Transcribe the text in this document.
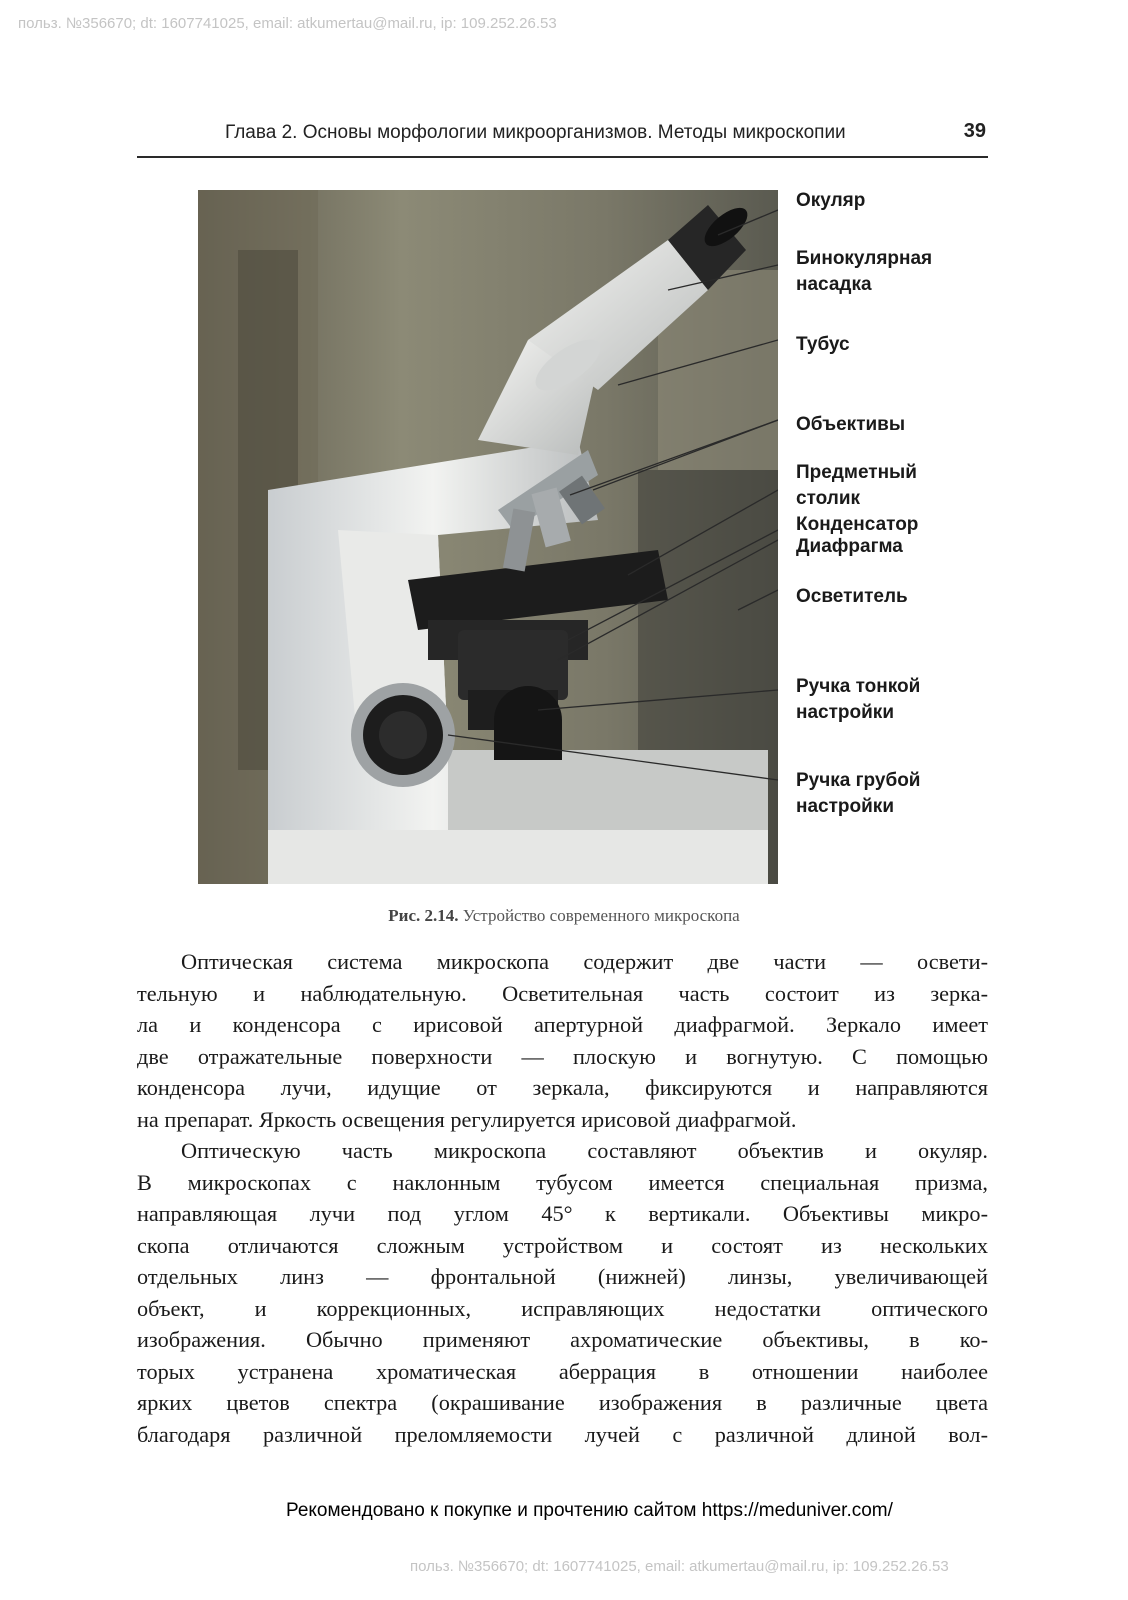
польз. №356670; dt: 1607741025, email: atkumertau@mail.ru, ip: 109.252.26.53
Глава 2. Основы морфологии микроорганизмов. Методы микроскопии	39
Окуляр
Бинокулярная
насадка
Тубус
Объективы
Предметный
столик
Конденсатор
Диафрагма
Осветитель
Ручка тонкой
настройки
Ручка грубой
настройки
Рис. 2.14. Устройство современного микроскопа
Оптическая система микроскопа содержит две части — освети-
тельную и наблюдательную. Осветительная часть состоит из зерка-
ла и конденсора с ирисовой апертурной диафрагмой. Зеркало имеет
две отражательные поверхности — плоскую и вогнутую. С помощью
конденсора лучи, идущие от зеркала, фиксируются и направляются
на препарат. Яркость освещения регулируется ирисовой диафрагмой.
Оптическую часть микроскопа составляют объектив и окуляр.
В микроскопах с наклонным тубусом имеется специальная призма,
направляющая лучи под углом 45° к вертикали. Объективы микро-
скопа отличаются сложным устройством и состоят из нескольких
отдельных линз — фронтальной (нижней) линзы, увеличивающей
объект, и коррекционных, исправляющих недостатки оптического
изображения. Обычно применяют ахроматические объективы, в ко-
торых устранена хроматическая аберрация в отношении наиболее
ярких цветов спектра (окрашивание изображения в различные цвета
благодаря различной преломляемости лучей с различной длиной вол-
Рекомендовано к покупке и прочтению сайтом https://meduniver.com/
польз. №356670; dt: 1607741025, email: atkumertau@mail.ru, ip: 109.252.26.53
